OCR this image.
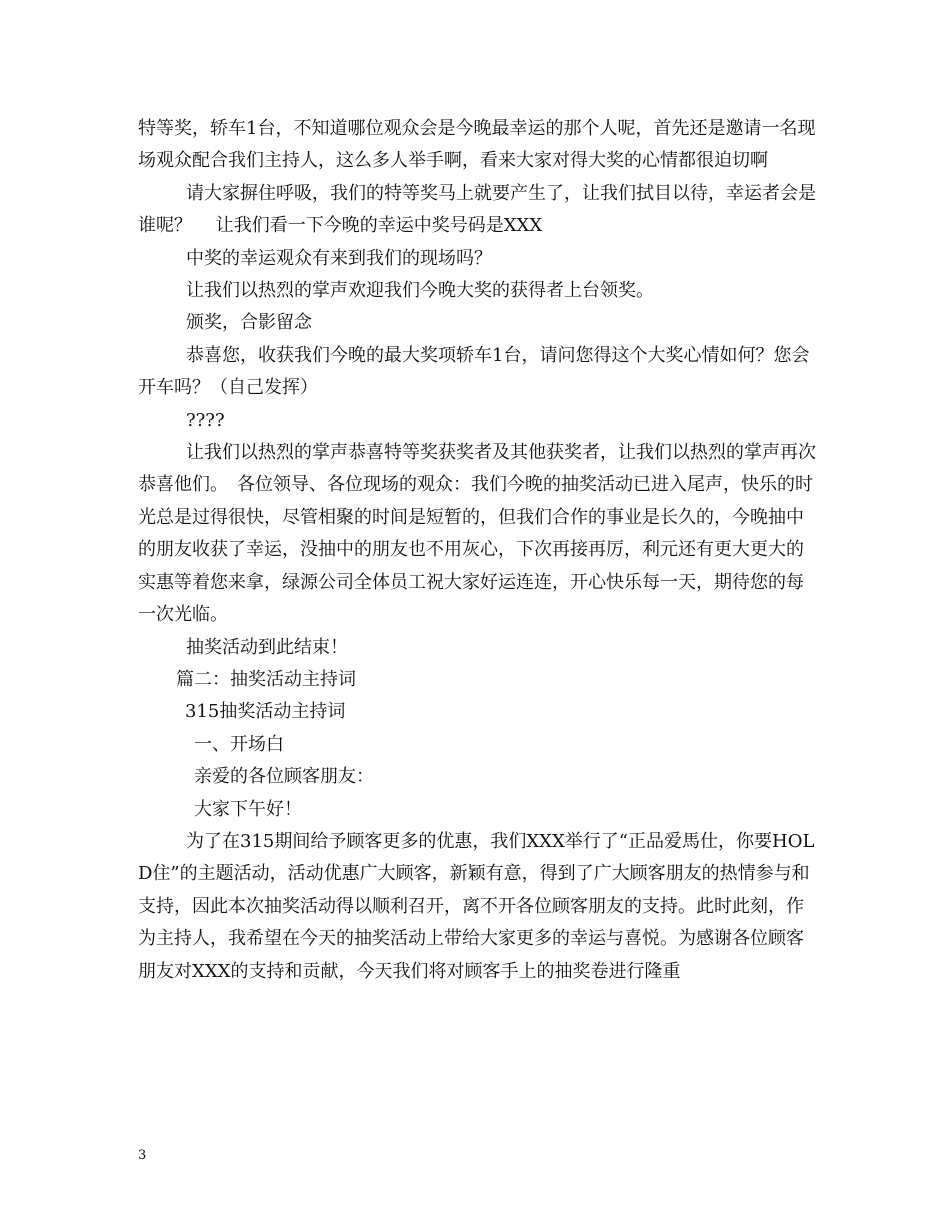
特等奖，轿车1台，不知道哪位观众会是今晚最幸运的那个人呢，首先还是邀请一名现场观众配合我们主持人，这么多人举手啊，看来大家对得大奖的心情都很迫切啊

请大家摒住呼吸，我们的特等奖马上就要产生了，让我们拭目以待，幸运者会是谁呢？　 让我们看一下今晚的幸运中奖号码是XXX

中奖的幸运观众有来到我们的现场吗？

让我们以热烈的掌声欢迎我们今晚大奖的获得者上台领奖。

颁奖，合影留念

恭喜您，收获我们今晚的最大奖项轿车1台，请问您得这个大奖心情如何？您会开车吗？（自己发挥）

????

让我们以热烈的掌声恭喜特等奖获奖者及其他获奖者，让我们以热烈的掌声再次恭喜他们。　各位领导、各位现场的观众：我们今晚的抽奖活动已进入尾声，快乐的时光总是过得很快，尽管相聚的时间是短暂的，但我们合作的事业是长久的，今晚抽中的朋友收获了幸运，没抽中的朋友也不用灰心，下次再接再厉，利元还有更大更大的实惠等着您来拿，绿源公司全体员工祝大家好运连连，开心快乐每一天，期待您的每一次光临。

抽奖活动到此结束！

篇二：抽奖活动主持词

315抽奖活动主持词

一、开场白

亲爱的各位顾客朋友：

大家下午好！

为了在315期间给予顾客更多的优惠，我们XXX举行了“正品爱馬仕，你要HOLD住”的主题活动，活动优惠广大顾客，新颖有意，得到了广大顾客朋友的热情参与和支持，因此本次抽奖活动得以顺利召开，离不开各位顾客朋友的支持。此时此刻，作为主持人，我希望在今天的抽奖活动上带给大家更多的幸运与喜悦。为感谢各位顾客朋友对XXX的支持和贡献，今天我们将对顾客手上的抽奖卷进行隆重

3
